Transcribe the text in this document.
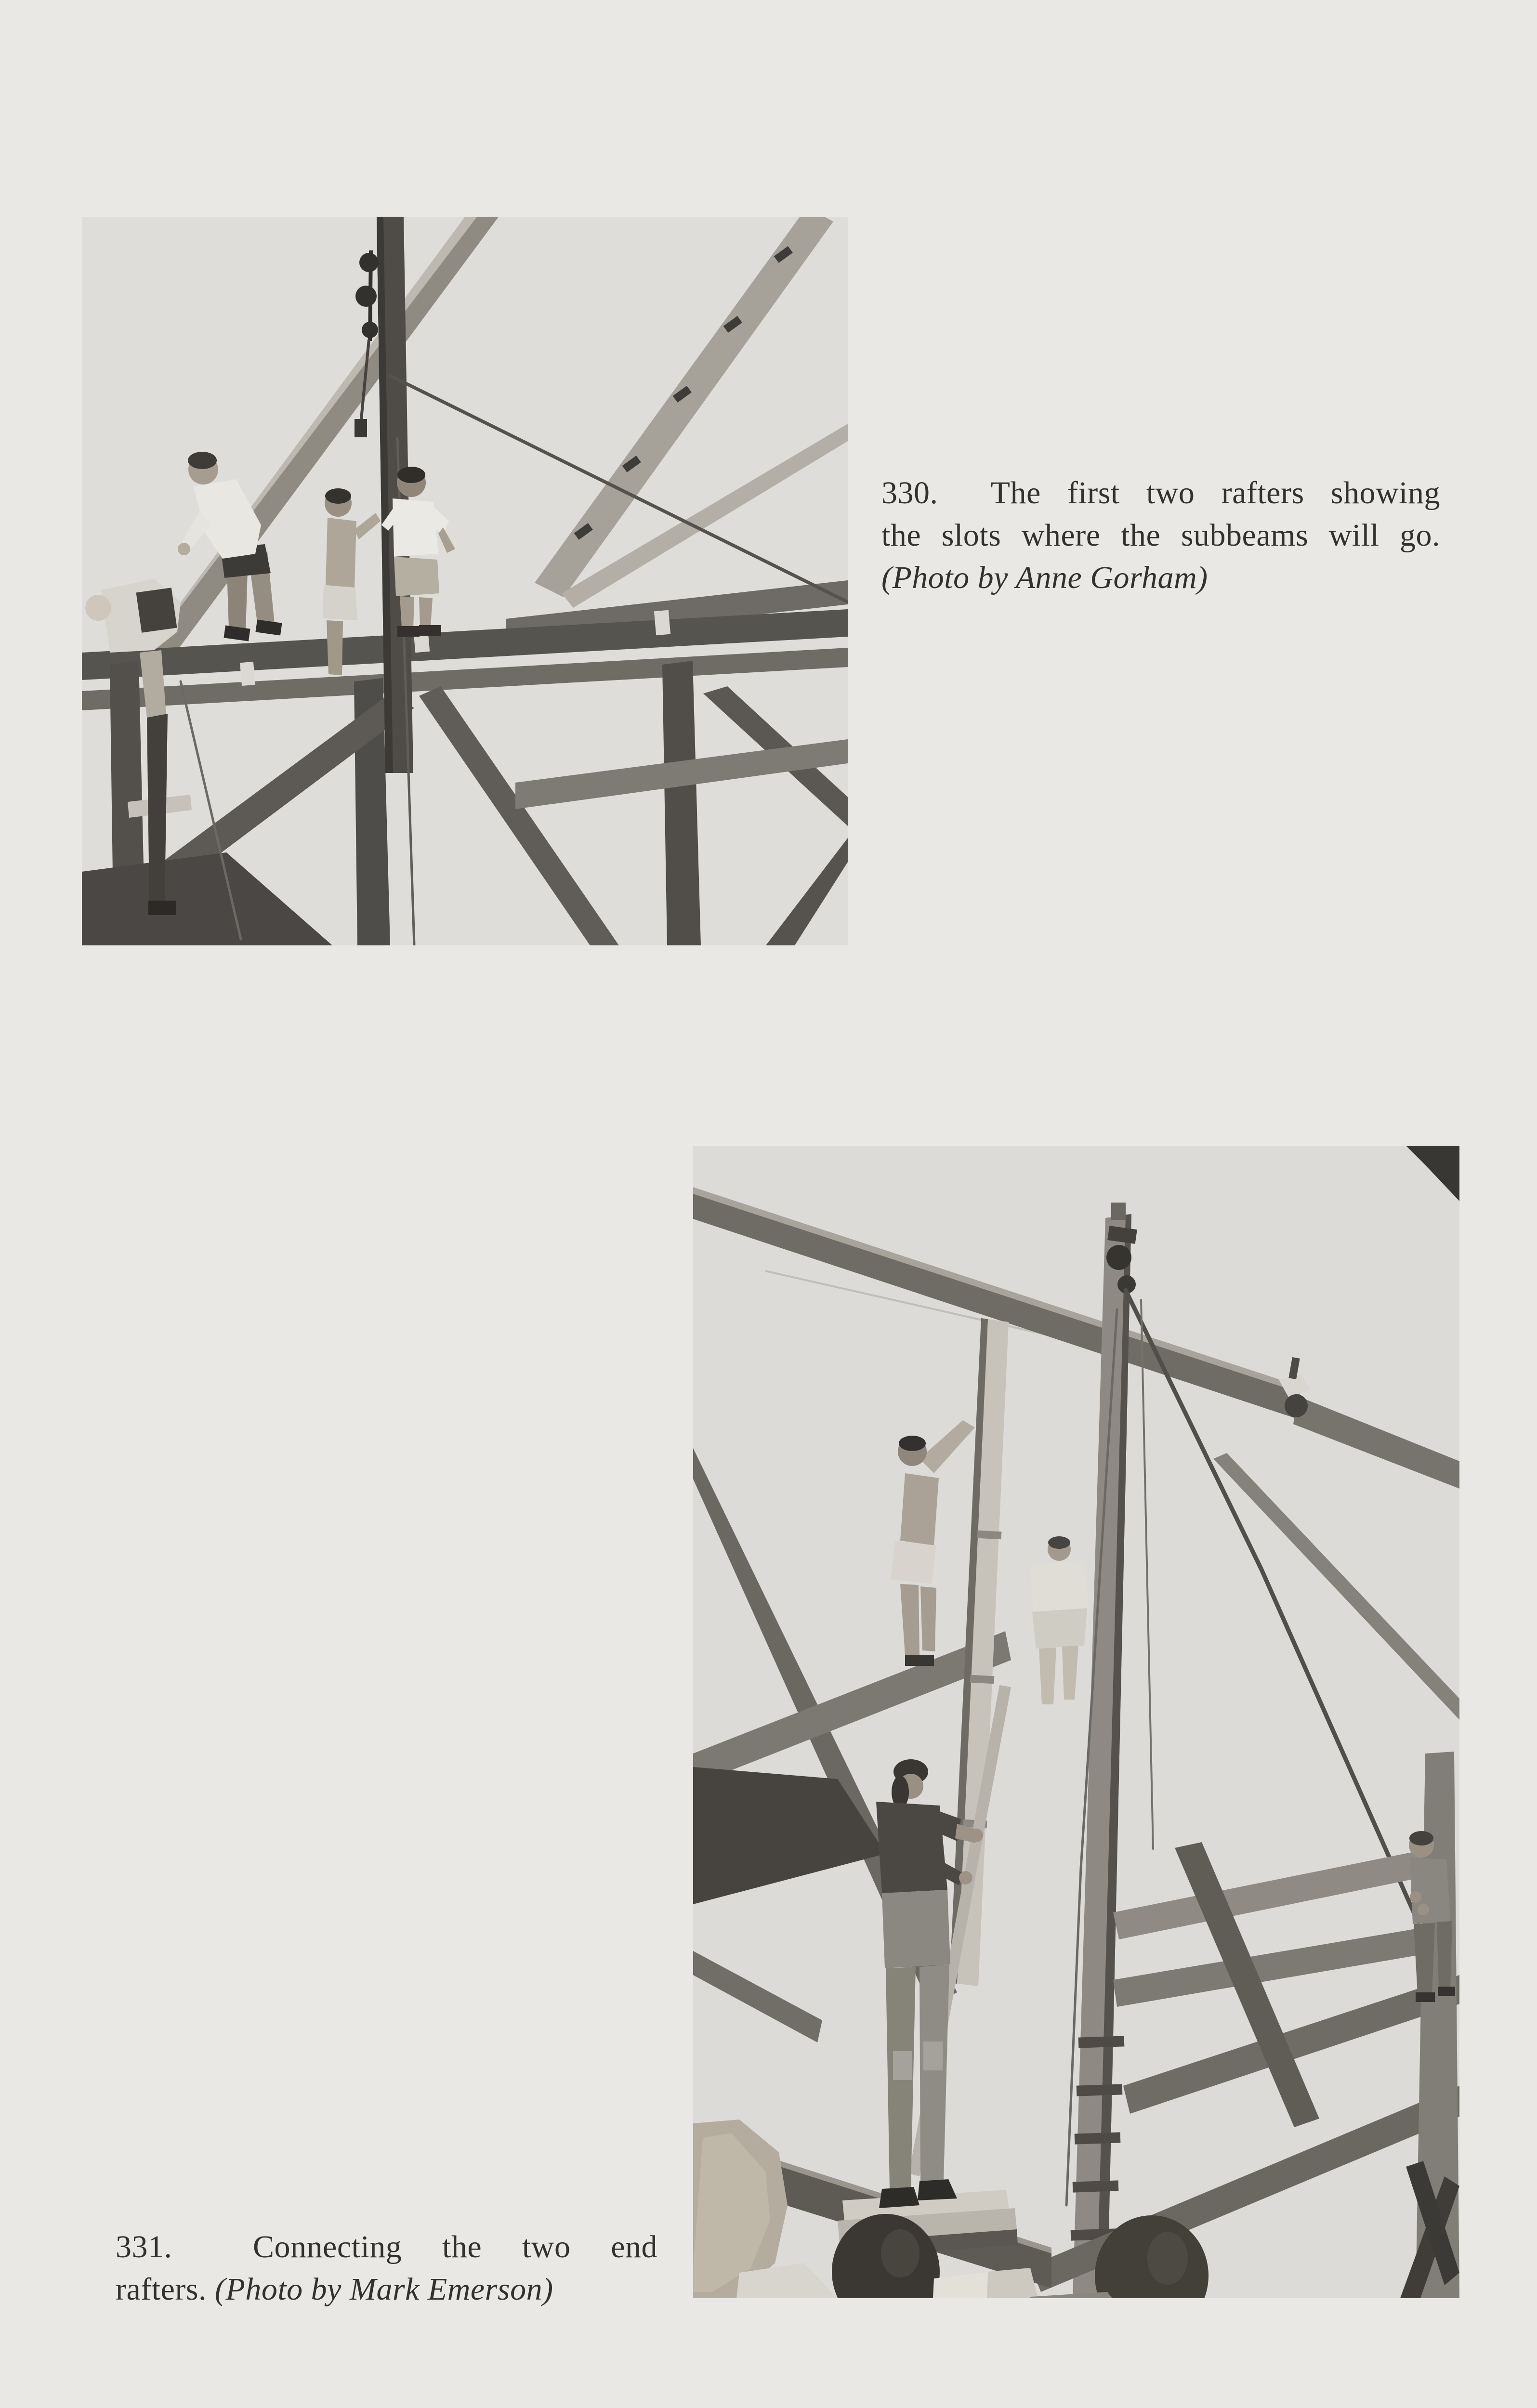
330.  The first two rafters showing
the slots where the subbeams will go.
(Photo by Anne Gorham)
331.  Connecting the two end
rafters. (Photo by Mark Emerson)
